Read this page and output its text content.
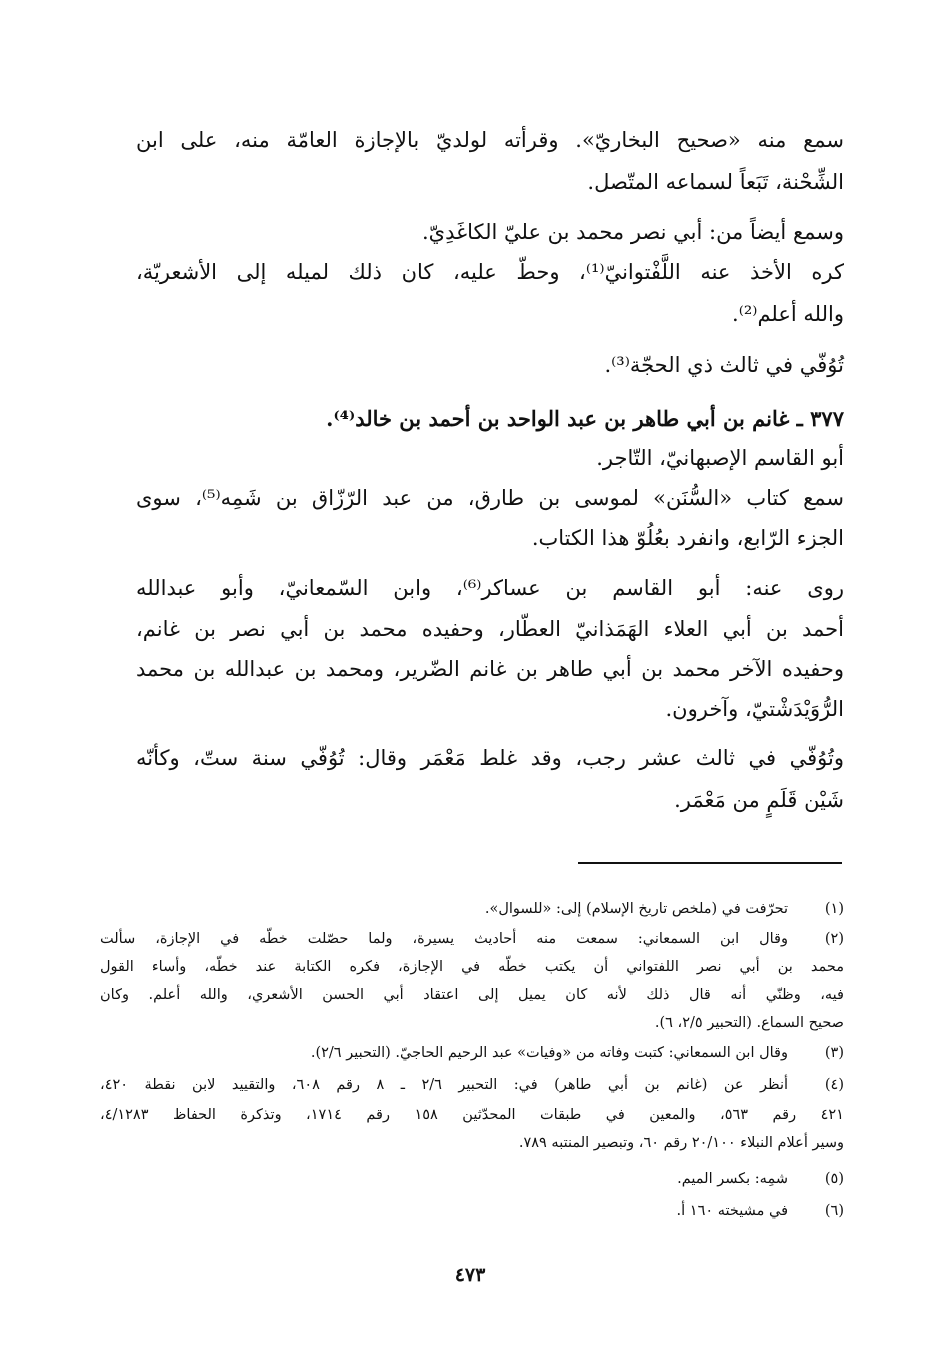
سمع منه «صحيح البخاريّ». وقرأته لولديّ بالإجازة العامّة منه، على ابن
الشِّحْنة، تَبَعاً لسماعه المتّصل.
وسمع أيضاً من: أبي نصر محمد بن عليّ الكاغَدِيّ.
كره الأخذ عنه اللَّفْتوانيّ⁽¹⁾، وحطّ عليه، كان ذلك لميله إلى الأشعريّة،
والله أعلم⁽²⁾.
تُوُفّي في ثالث ذي الحجّة⁽³⁾.
٣٧٧ ـ غانم بن أبي طاهر بن عبد الواحد بن أحمد بن خالد⁽⁴⁾.
أبو القاسم الإصبهانيّ، التّاجر.
سمع كتاب «السُّنَن» لموسى بن طارق، من عبد الرّزّاق بن شَمِه⁽⁵⁾، سوى
الجزء الرّابع، وانفرد بعُلُوّ هذا الكتاب.
روى عنه: أبو القاسم بن عساكر⁽⁶⁾، وابن السّمعانيّ، وأبو عبدالله
أحمد بن أبي العلاء الهَمَذانيّ العطّار، وحفيده محمد بن أبي نصر بن غانم،
وحفيده الآخر محمد بن أبي طاهر بن غانم الضّرير، ومحمد بن عبدالله بن محمد
الرُّوَيْدَشْتيّ، وآخرون.
وتُوُفّي في ثالث عشر رجب، وقد غلط مَعْمَر وقال: تُوُفّي سنة ستّ، وكأنّه
شَيْن قَلَمٍ من مَعْمَر.
(١)
تحرّفت في (ملخص تاريخ الإسلام) إلى: «للسوال».
(٢)
وقال ابن السمعاني: سمعت منه أحاديث يسيرة، ولما حصّلت خطّه في الإجازة، سألت
محمد بن أبي نصر اللفتواني أن يكتب خطّه في الإجازة، فكره الكتابة عند خطّه، وأساء القول
فيه، وظنّي أنه قال ذلك لأنه كان يميل إلى اعتقاد أبي الحسن الأشعري، والله أعلم. وكان
صحيح السماع. (التحبير ٢/٥، ٦).
(٣)
وقال ابن السمعاني: كتبت وفاته من «وفيات» عبد الرحيم الحاجيّ. (التحبير ٢/٦).
(٤)
أنظر عن (غانم بن أبي طاهر) في: التحبير ٢/٦ ـ ٨ رقم ٦٠٨، والتقييد لابن نقطة ٤٢٠،
٤٢١ رقم ٥٦٣، والمعين في طبقات المحدّثين ١٥٨ رقم ١٧١٤، وتذكرة الحفاظ ٤/١٢٨٣،
وسير أعلام النبلاء ٢٠/١٠٠ رقم ٦٠، وتبصير المنتبه ٧٨٩.
(٥)
شمِه: بكسر الميم.
(٦)
في مشيخته ١٦٠ أ.
٤٧٣
